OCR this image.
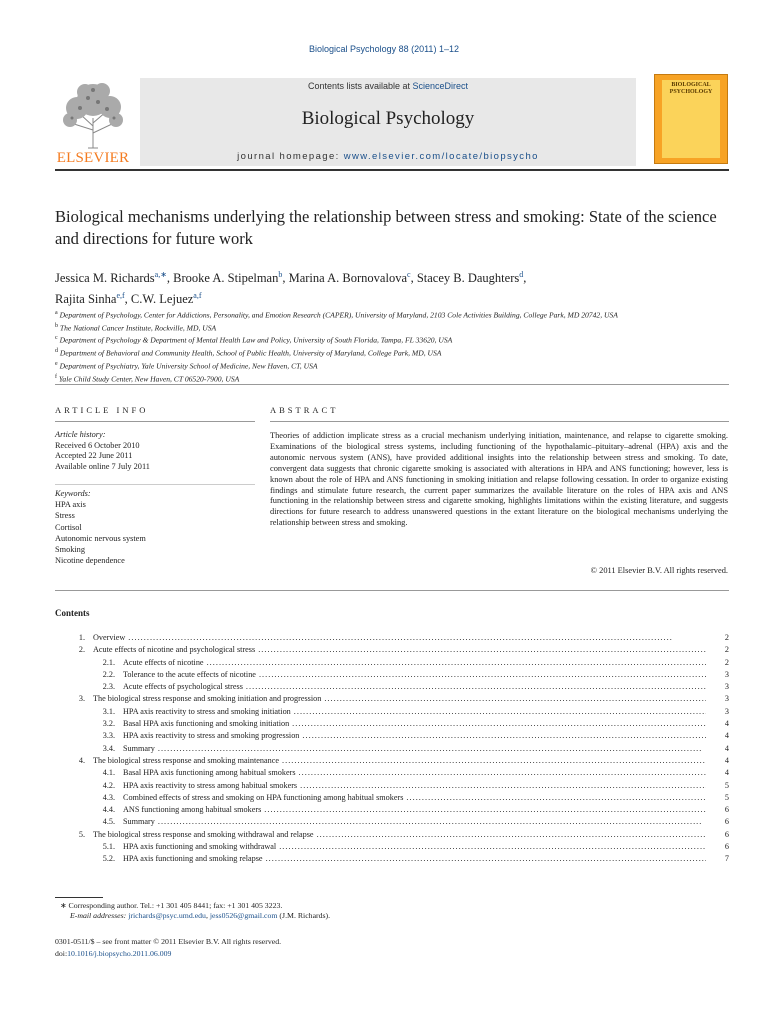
Biological Psychology 88 (2011) 1–12
ELSEVIER
Contents lists available at ScienceDirect
Biological Psychology
journal homepage: www.elsevier.com/locate/biopsycho
BIOLOGICAL PSYCHOLOGY
Biological mechanisms underlying the relationship between stress and smoking: State of the science and directions for future work
Jessica M. Richards$^{a,∗}$, Brooke A. Stipelman$^b$, Marina A. Bornovalova$^c$, Stacey B. Daughters$^d$,
Rajita Sinha$^{e,f}$, C.W. Lejuez$^{a,f}$
$^a$ Department of Psychology, Center for Addictions, Personality, and Emotion Research (CAPER), University of Maryland, 2103 Cole Activities Building, College Park, MD 20742, USA
$^b$ The National Cancer Institute, Rockville, MD, USA
$^c$ Department of Psychology & Department of Mental Health Law and Policy, University of South Florida, Tampa, FL 33620, USA
$^d$ Department of Behavioral and Community Health, School of Public Health, University of Maryland, College Park, MD, USA
$^e$ Department of Psychiatry, Yale University School of Medicine, New Haven, CT, USA
$^f$ Yale Child Study Center, New Haven, CT 06520-7900, USA
ARTICLE INFO	ABSTRACT
Article history:
Received 6 October 2010
Accepted 22 June 2011
Available online 7 July 2011
Keywords:
HPA axis
Stress
Cortisol
Autonomic nervous system
Smoking
Nicotine dependence
Theories of addiction implicate stress as a crucial mechanism underlying initiation, maintenance, and relapse to cigarette smoking. Examinations of the biological stress systems, including functioning of the hypothalamic–pituitary–adrenal (HPA) axis and the autonomic nervous system (ANS), have provided additional insights into the relationship between stress and smoking. To date, convergent data suggests that chronic cigarette smoking is associated with alterations in HPA and ANS functioning; however, less is known about the role of HPA and ANS functioning in smoking initiation and relapse following cessation. In order to organize existing findings and stimulate future research, the current paper summarizes the available literature on the roles of HPA axis and ANS functioning in the relationship between stress and cigarette smoking, highlights limitations within the existing literature, and suggests directions for future research to address unanswered questions in the extant literature on the biological mechanisms underlying the relationship between stress and smoking.
© 2011 Elsevier B.V. All rights reserved.
Contents
1. Overview . . .	2
2. Acute effects of nicotine and psychological stress . . .	2
2.1. Acute effects of nicotine . . .	2
2.2. Tolerance to the acute effects of nicotine . . .	3
2.3. Acute effects of psychological stress . . .	3
3. The biological stress response and smoking initiation and progression . . .	3
3.1. HPA axis reactivity to stress and smoking initiation . . .	3
3.2. Basal HPA axis functioning and smoking initiation . . .	4
3.3. HPA axis reactivity to stress and smoking progression . . .	4
3.4. Summary . . .	4
4. The biological stress response and smoking maintenance . . .	4
4.1. Basal HPA axis functioning among habitual smokers . . .	4
4.2. HPA axis reactivity to stress among habitual smokers . . .	5
4.3. Combined effects of stress and smoking on HPA functioning among habitual smokers . . .	5
4.4. ANS functioning among habitual smokers . . .	6
4.5. Summary . . .	6
5. The biological stress response and smoking withdrawal and relapse . . .	6
5.1. HPA axis functioning and smoking withdrawal . . .	6
5.2. HPA axis functioning and smoking relapse . . .	7
∗ Corresponding author. Tel.: +1 301 405 8441; fax: +1 301 405 3223.
E-mail addresses: jrichards@psyc.umd.edu, jess0526@gmail.com (J.M. Richards).
0301-0511/$ – see front matter © 2011 Elsevier B.V. All rights reserved.
doi:10.1016/j.biopsycho.2011.06.009
